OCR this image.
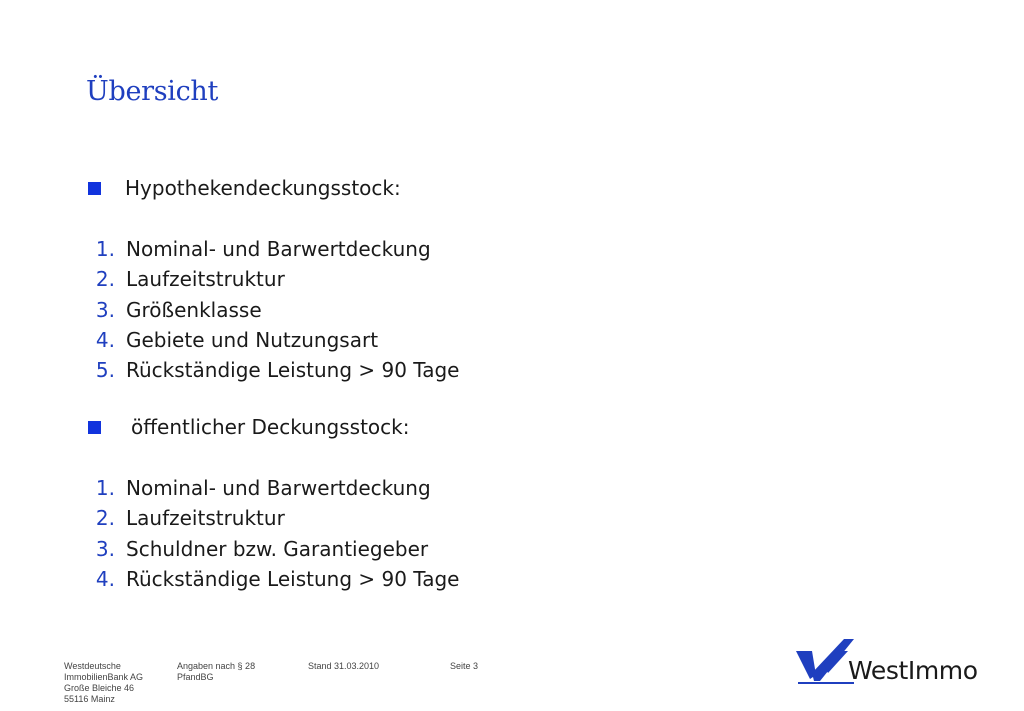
Übersicht
Hypothekendeckungsstock:
1. Nominal- und Barwertdeckung
2. Laufzeitstruktur
3. Größenklasse
4. Gebiete und Nutzungsart
5. Rückständige Leistung > 90 Tage
öffentlicher Deckungsstock:
1. Nominal- und Barwertdeckung
2. Laufzeitstruktur
3. Schuldner bzw. Garantiegeber
4. Rückständige Leistung > 90 Tage
Westdeutsche
ImmobilienBank AG
Große Bleiche 46
55116 Mainz
Angaben nach § 28
PfandBG
Stand 31.03.2010	Seite 3	WestImmo
